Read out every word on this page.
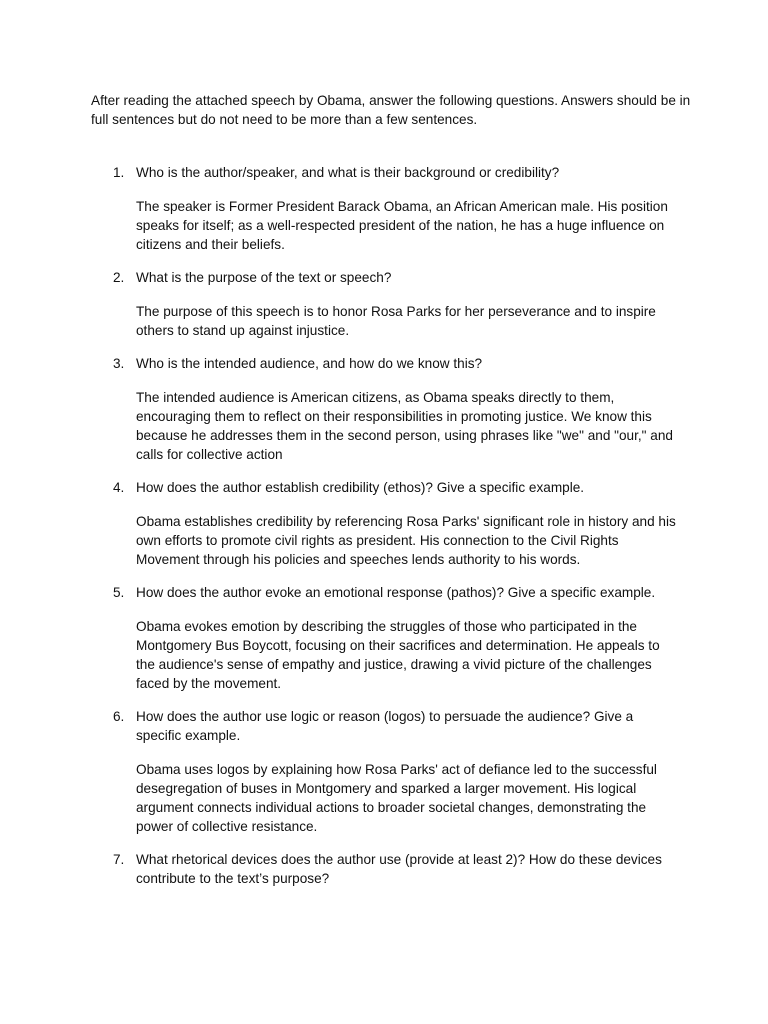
After reading the attached speech by Obama, answer the following questions. Answers should be in full sentences but do not need to be more than a few sentences.

1. Who is the author/speaker, and what is their background or credibility?

The speaker is Former President Barack Obama, an African American male. His position speaks for itself; as a well-respected president of the nation, he has a huge influence on citizens and their beliefs.

2. What is the purpose of the text or speech?

The purpose of this speech is to honor Rosa Parks for her perseverance and to inspire others to stand up against injustice.

3. Who is the intended audience, and how do we know this?

The intended audience is American citizens, as Obama speaks directly to them, encouraging them to reflect on their responsibilities in promoting justice. We know this because he addresses them in the second person, using phrases like "we" and "our," and calls for collective action

4. How does the author establish credibility (ethos)? Give a specific example.

Obama establishes credibility by referencing Rosa Parks' significant role in history and his own efforts to promote civil rights as president. His connection to the Civil Rights Movement through his policies and speeches lends authority to his words.

5. How does the author evoke an emotional response (pathos)? Give a specific example.

Obama evokes emotion by describing the struggles of those who participated in the Montgomery Bus Boycott, focusing on their sacrifices and determination. He appeals to the audience's sense of empathy and justice, drawing a vivid picture of the challenges faced by the movement.

6. How does the author use logic or reason (logos) to persuade the audience? Give a specific example.

Obama uses logos by explaining how Rosa Parks' act of defiance led to the successful desegregation of buses in Montgomery and sparked a larger movement. His logical argument connects individual actions to broader societal changes, demonstrating the power of collective resistance.

7. What rhetorical devices does the author use (provide at least 2)? How do these devices contribute to the text’s purpose?
